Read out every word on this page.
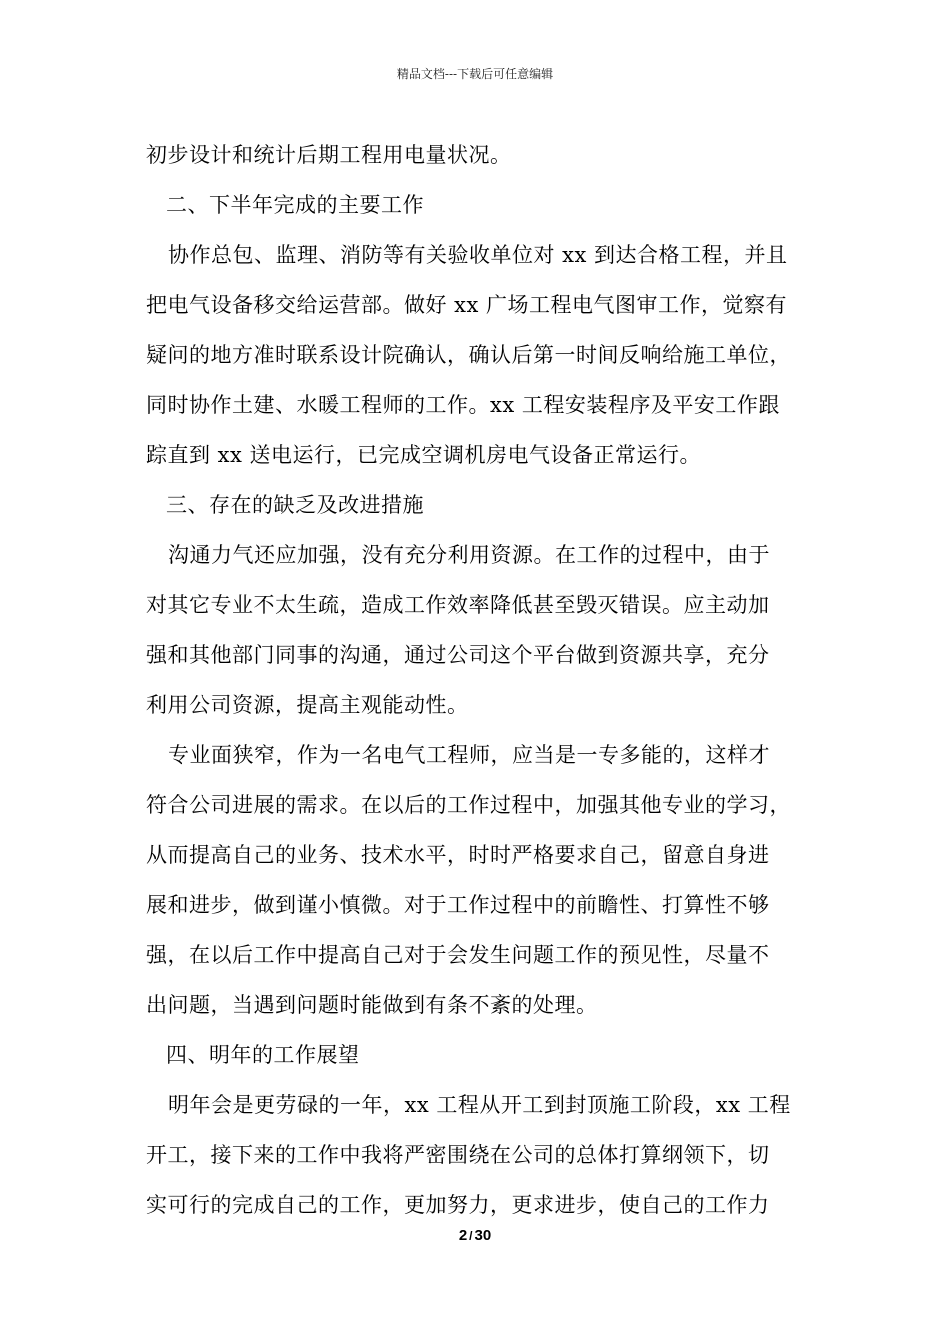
精品文档---下载后可任意编辑
初步设计和统计后期工程用电量状况。
二、下半年完成的主要工作
协作总包、监理、消防等有关验收单位对 xx 到达合格工程，并且
把电气设备移交给运营部。做好 xx 广场工程电气图审工作，觉察有
疑问的地方准时联系设计院确认，确认后第一时间反响给施工单位，
同时协作土建、水暖工程师的工作。xx 工程安装程序及平安工作跟
踪直到 xx 送电运行，已完成空调机房电气设备正常运行。
三、存在的缺乏及改进措施
沟通力气还应加强，没有充分利用资源。在工作的过程中，由于
对其它专业不太生疏，造成工作效率降低甚至毁灭错误。应主动加
强和其他部门同事的沟通，通过公司这个平台做到资源共享，充分
利用公司资源，提高主观能动性。
专业面狭窄，作为一名电气工程师，应当是一专多能的，这样才
符合公司进展的需求。在以后的工作过程中，加强其他专业的学习，
从而提高自己的业务、技术水平，时时严格要求自己，留意自身进
展和进步，做到谨小慎微。对于工作过程中的前瞻性、打算性不够
强，在以后工作中提高自己对于会发生问题工作的预见性，尽量不
出问题，当遇到问题时能做到有条不紊的处理。
四、明年的工作展望
明年会是更劳碌的一年，xx 工程从开工到封顶施工阶段，xx 工程
开工，接下来的工作中我将严密围绕在公司的总体打算纲领下，切
实可行的完成自己的工作，更加努力，更求进步，使自己的工作力
2 / 30
